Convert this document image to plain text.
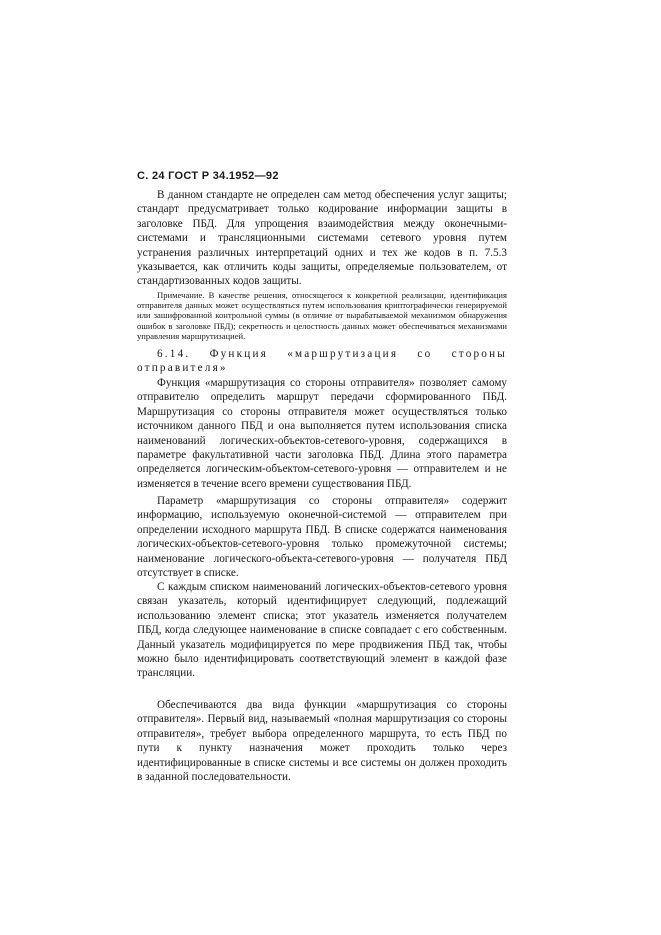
С. 24 ГОСТ Р 34.1952—92

В данном стандарте не определен сам метод обеспечения услуг защиты; стандарт предусматривает только кодирование информации защиты в заголовке ПБД. Для упрощения взаимодействия между оконечными-системами и трансляционными системами сетевого уровня путем устранения различных интерпретаций одних и тех же кодов в п. 7.5.3 указывается, как отличить коды защиты, определяемые пользователем, от стандартизованных кодов защиты.

Примечание. В качестве решения, относящегося к конкретной реализации, идентификация отправителя данных может осуществляться путем использования криптографически генерируемой или зашифрованной контрольной суммы (в отличие от вырабатываемой механизмом обнаружения ошибок в заголовке ПБД); секретность и целостность данных может обеспечиваться механизмами управления маршрутизацией.

6.14. Функция «маршрутизация со стороны отправителя»

Функция «маршрутизация со стороны отправителя» позволяет самому отправителю определить маршрут передачи сформированного ПБД. Маршрутизация со стороны отправителя может осуществляться только источником данного ПБД и она выполняется путем использования списка наименований логических-объектов-сетевого-уровня, содержащихся в параметре факультативной части заголовка ПБД. Длина этого параметра определяется логическим-объектом-сетевого-уровня — отправителем и не изменяется в течение всего времени существования ПБД.

Параметр «маршрутизация со стороны отправителя» содержит информацию, используемую оконечной-системой — отправителем при определении исходного маршрута ПБД. В списке содержатся наименования логических-объектов-сетевого-уровня только промежуточной системы; наименование логического-объекта-сетевого-уровня — получателя ПБД отсутствует в списке.

С каждым списком наименований логических-объектов-сетевого уровня связан указатель, который идентифицирует следующий, подлежащий использованию элемент списка; этот указатель изменяется получателем ПБД, когда следующее наименование в списке совпадает с его собственным. Данный указатель модифицируется по мере продвижения ПБД так, чтобы можно было идентифицировать соответствующий элемент в каждой фазе трансляции.

Обеспечиваются два вида функции «маршрутизация со стороны отправителя». Первый вид, называемый «полная маршрутизация со стороны отправителя», требует выбора определенного маршрута, то есть ПБД по пути к пункту назначения может проходить только через идентифицированные в списке системы и все системы он должен проходить в заданной последовательности.
